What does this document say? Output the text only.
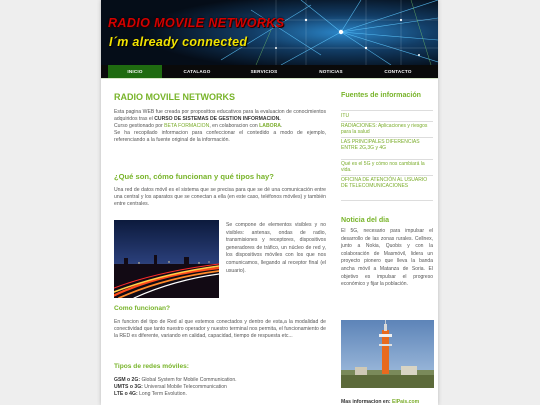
RADIO MOVILE NETWORKS
I´m already connected
INICIO	CATALAGO	SERVICIOS	NOTICIAS	CONTACTO
RADIO MOVILE NETWORKS
Esta pagina WEB fue creada por proposittos educativos para la evaluacion de conocimientos adquiridos tras el CURSO DE SISTEMAS DE GESTION INFORMACION.
Curso gestionado por BETA FORMACION, en colaboracion con LABORA.
Se ha recopilado informacion para confeccionar el contedido a modo de ejemplo, referenciando a la fuente original de la información.
¿Qué son, cómo funcionan y qué tipos hay?
Una red de datos móvil es el sistema que se precisa para que se dé una comunicación entre una central y los aparatos que se conectan a ella (en este caso, teléfonos móviles) y también entre centrales.
Se compone de elementos visibles y no visibles: antenas, ondas de radio, transmisiones y receptores, dispositivos generadores de tráfico, un núcleo de red y, los dispositivos móviles con los que nos comunicamos, llegando al receptor final (el usuario).
Como funcionan?
En funcion del tipo de Red al que estemos conectados y dentro de esta,a la modalidad de conectividad que tanto nuestro operador y nuestro terminal nos permita, el funcionamiento de la RED es diferente, variando en calidad, capacidad, tiempo de respuesta etc...
Tipos de redes móviles:
GSM o 2G: Global System for Mobile Communication.
UMTS o 3G: Universal Mobile Telecommunication
LTE o 4G: Long Term Evolution.
Fuentes de información
ITU
RADIACIONES: Aplicaciones y riesgos para la salud
LAS PRINCIPALES DIFERENCIAS ENTRE 2G,3G y 4G
Qué es el 5G y cómo nos cambiará la vida.
OFICINA DE ATENCIÓN AL USUARIO DE TELECOMUNICACIONES
Noticia del dia
El 5G, necesario para impulsar el desarrollo de las zonas rurales. Cellnex, junto a Nokia, Quobis y con la colaboración de Masmóvil, lidera un proyecto pionero que lleva la banda ancha móvil a Matanza de Soria. El objetivo es impulsar el progreso económico y fijar la población.
Mas informacion en: ElPais.com
